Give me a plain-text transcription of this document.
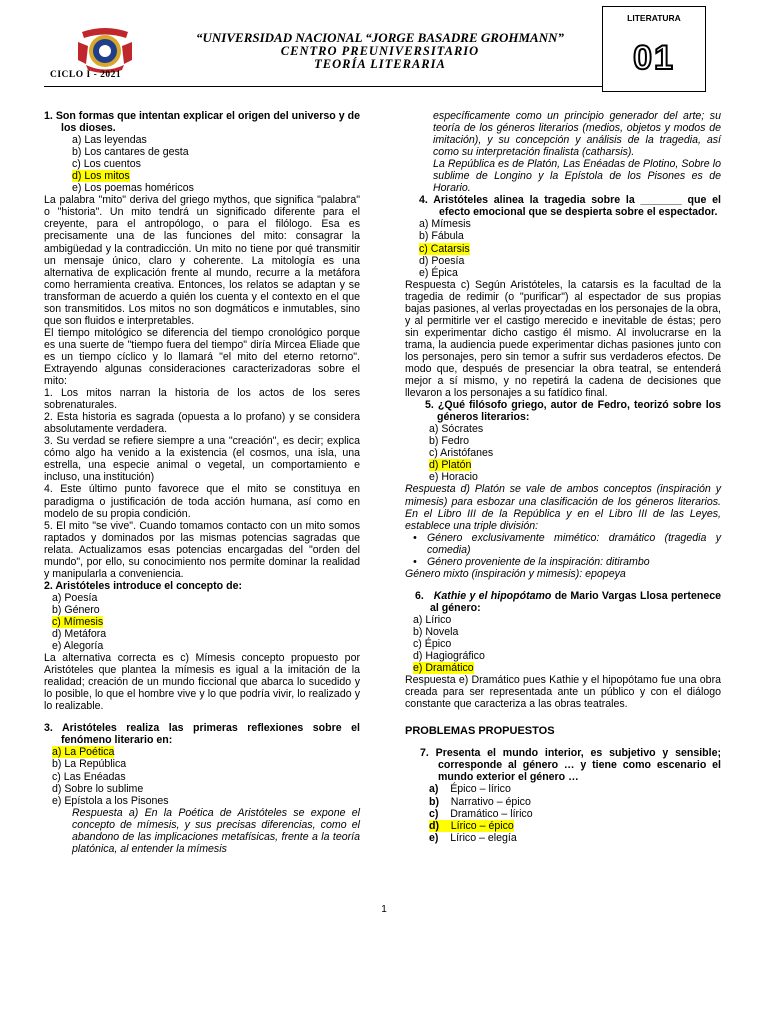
CICLO I - 2021
“UNIVERSIDAD NACIONAL “JORGE BASADRE GROHMANN”
CENTRO PREUNIVERSITARIO
TEORÍA LITERARIA
LITERATURA
01

1. Son formas que intentan explicar el origen del universo y de los dioses.

a) Las leyendas

b) Los cantares de gesta

c) Los cuentos

d) Los mitos

e) Los poemas homéricos

La palabra "mito" deriva del griego mythos, que significa "palabra" o "historia". Un mito tendrá un significado diferente para el creyente, para el antropólogo, o para el filólogo. Esa es precisamente una de las funciones del mito: consagrar la ambigüedad y la contradicción. Un mito no tiene por qué transmitir un mensaje único, claro y coherente. La mitología es una alternativa de explicación frente al mundo, recurre a la metáfora como herramienta creativa. Entonces, los relatos se adaptan y se transforman de acuerdo a quién los cuenta y el contexto en el que son transmitidos. Los mitos no son dogmáticos e inmutables, sino que son fluidos e interpretables.

El tiempo mitológico se diferencia del tiempo cronológico porque es una suerte de "tiempo fuera del tiempo" diría Mircea Eliade que es un tiempo cíclico y lo llamará "el mito del eterno retorno". Extrayendo algunas consideraciones caracterizadoras sobre el mito:

1. Los mitos narran la historia de los actos de los seres sobrenaturales.

2. Esta historia es sagrada (opuesta a lo profano) y se considera absolutamente verdadera.

3. Su verdad se refiere siempre a una "creación", es decir; explica cómo algo ha venido a la existencia (el cosmos, una isla, una estrella, una especie animal o vegetal, un comportamiento e incluso, una institución)

4. Este último punto favorece que el mito se constituya en paradigma o justificación de toda acción humana, así como en modelo de su propia condición.

5. El mito "se vive". Cuando tomamos contacto con un mito somos raptados y dominados por las mismas potencias sagradas que relata. Actualizamos esas potencias encargadas del "orden del mundo", por ello, su conocimiento nos permite dominar la realidad y manipularla a conveniencia.

2. Aristóteles introduce el concepto de:

a) Poesía

b) Género

c) Mímesis

d) Metáfora

e) Alegoría

La alternativa correcta es c) Mímesis concepto propuesto por Aristóteles que plantea la mímesis es igual a la imitación de la realidad; creación de un mundo ficcional que abarca lo sucedido y lo posible, lo que el hombre vive y lo que podría vivir, lo realizado y lo realizable.

3. Aristóteles realiza las primeras reflexiones sobre el fenómeno literario en:

a) La Poética

b) La República

c) Las Enéadas

d) Sobre lo sublime

e) Epístola a los Pisones

Respuesta a) En la Poética de Aristóteles se expone el concepto de mímesis, y sus precisas diferencias, como el abandono de las implicaciones metafísicas, frente a la teoría platónica, al entender la mímesis

específicamente como un principio generador del arte; su teoría de los géneros literarios (medios, objetos y modos de imitación), y su concepción y análisis de la tragedia, así como su interpretación finalista (catharsis).

La República es de Platón, Las Enéadas de Plotino, Sobre lo sublime de Longino y la Epístola de los Pisones es de Horario.

4. Aristóteles alinea la tragedia sobre la _______ que el efecto emocional que se despierta sobre el espectador.

a) Mímesis

b) Fábula

c) Catarsis

d) Poesía

e) Épica

Respuesta c) Según Aristóteles, la catarsis es la facultad de la tragedia de redimir (o "purificar") al espectador de sus propias bajas pasiones, al verlas proyectadas en los personajes de la obra, y al permitirle ver el castigo merecido e inevitable de éstas; pero sin experimentar dicho castigo él mismo. Al involucrarse en la trama, la audiencia puede experimentar dichas pasiones junto con los personajes, pero sin temor a sufrir sus verdaderos efectos. De modo que, después de presenciar la obra teatral, se entenderá mejor a sí mismo, y no repetirá la cadena de decisiones que llevaron a los personajes a su fatídico final.

5. ¿Qué filósofo griego, autor de Fedro, teorizó sobre los géneros literarios:

a) Sócrates

b) Fedro

c) Aristófanes

d) Platón

e) Horacio

Respuesta d) Platón se vale de ambos conceptos (inspiración y mimesis) para esbozar una clasificación de los géneros literarios. En el Libro III de la República y en el Libro III de las Leyes, establece una triple división:

• Género exclusivamente mimético: dramático (tragedia y comedia)

• Género proveniente de la inspiración: ditirambo

Género mixto (inspiración y mimesis): epopeya

6. Kathie y el hipopótamo de Mario Vargas Llosa pertenece al género:

a) Lírico

b) Novela

c) Épico

d) Hagiográfico

e) Dramático

Respuesta e) Dramático pues Kathie y el hipopótamo fue una obra creada para ser representada ante un público y con el diálogo constante que caracteriza a las obras teatrales.

PROBLEMAS PROPUESTOS

7. Presenta el mundo interior, es subjetivo y sensible; corresponde al género … y tiene como escenario el mundo exterior el género …

a) Épico – lírico

b) Narrativo – épico

c) Dramático – lírico

d) Lírico – épico

e) Lírico – elegía

1
